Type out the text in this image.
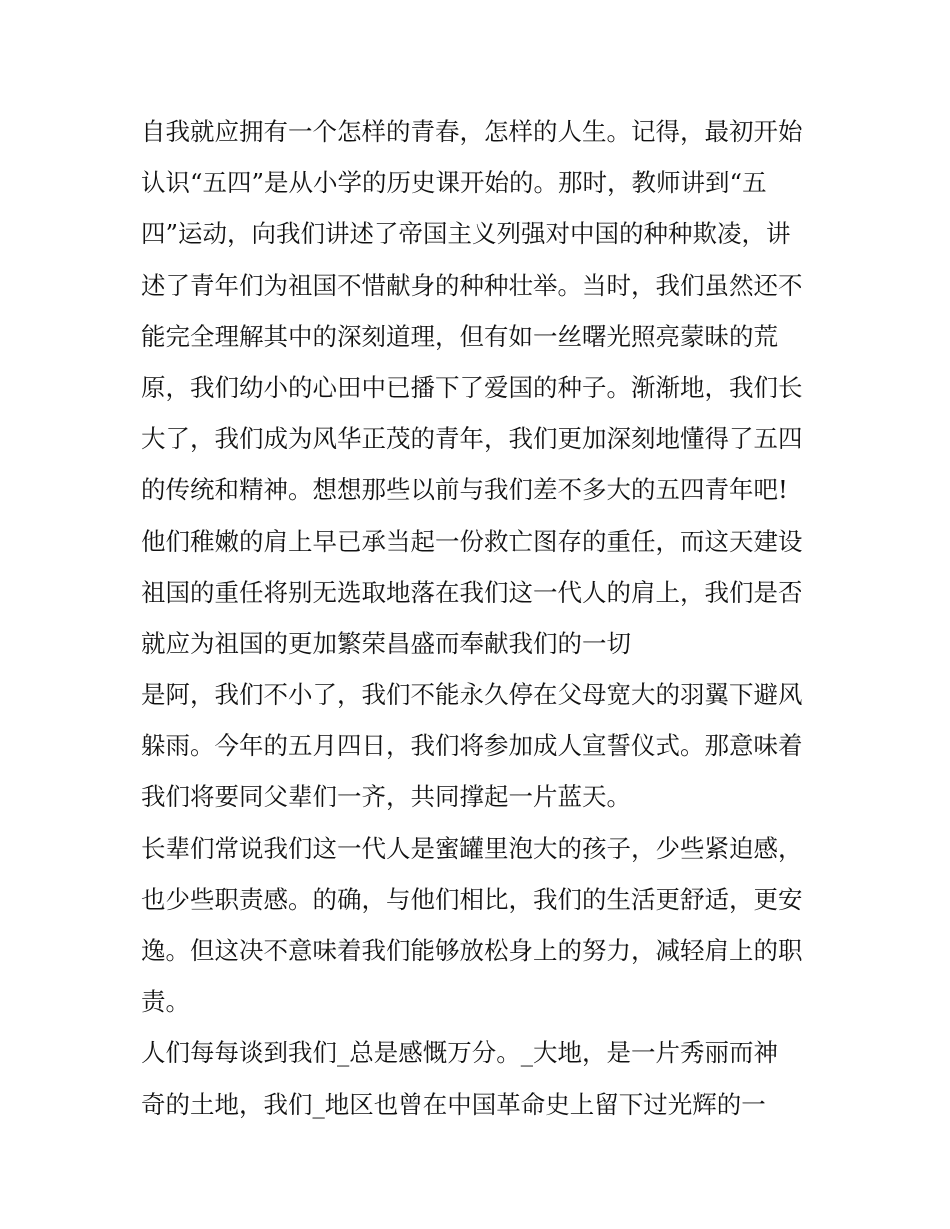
自我就应拥有一个怎样的青春，怎样的人生。记得，最初开始
认识“五四”是从小学的历史课开始的。那时，教师讲到“五
四”运动，向我们讲述了帝国主义列强对中国的种种欺凌，讲
述了青年们为祖国不惜献身的种种壮举。当时，我们虽然还不
能完全理解其中的深刻道理，但有如一丝曙光照亮蒙昧的荒
原，我们幼小的心田中已播下了爱国的种子。渐渐地，我们长
大了，我们成为风华正茂的青年，我们更加深刻地懂得了五四
的传统和精神。想想那些以前与我们差不多大的五四青年吧!
他们稚嫩的肩上早已承当起一份救亡图存的重任，而这天建设
祖国的重任将别无选取地落在我们这一代人的肩上，我们是否
就应为祖国的更加繁荣昌盛而奉献我们的一切
是阿，我们不小了，我们不能永久停在父母宽大的羽翼下避风
躲雨。今年的五月四日，我们将参加成人宣誓仪式。那意味着
我们将要同父辈们一齐，共同撑起一片蓝天。
长辈们常说我们这一代人是蜜罐里泡大的孩子，少些紧迫感，
也少些职责感。的确，与他们相比，我们的生活更舒适，更安
逸。但这决不意味着我们能够放松身上的努力，减轻肩上的职
责。
人们每每谈到我们_总是感慨万分。_大地，是一片秀丽而神
奇的土地，我们_地区也曾在中国革命史上留下过光辉的一
